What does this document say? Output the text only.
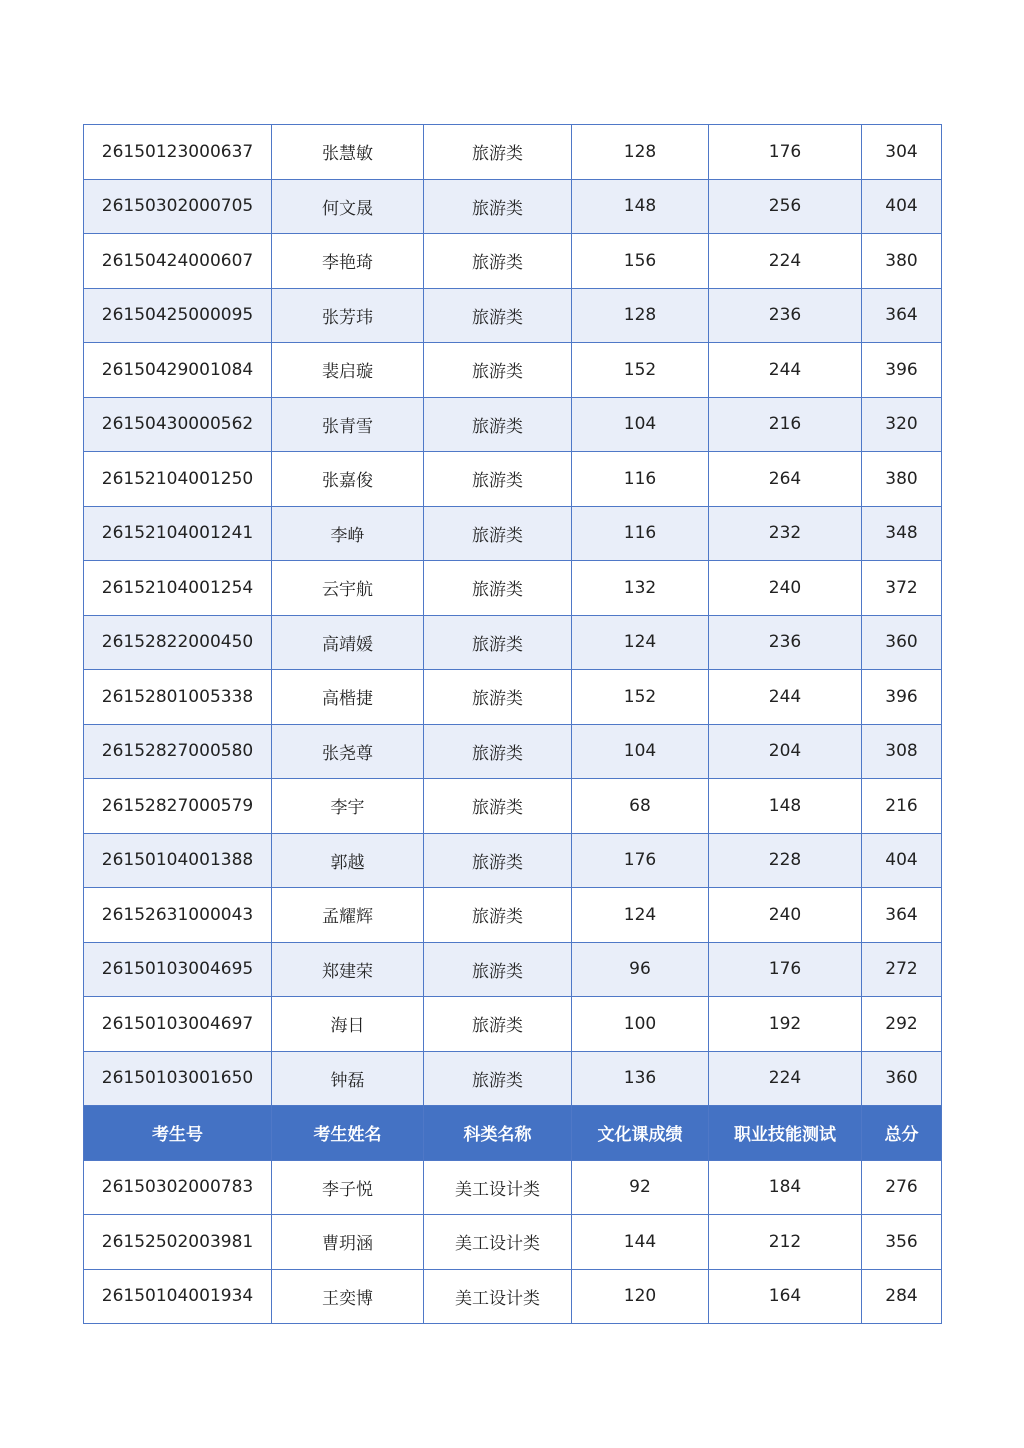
26150123000637	张慧敏	旅游类	128	176	304
26150302000705	何文晟	旅游类	148	256	404
26150424000607	李艳琦	旅游类	156	224	380
26150425000095	张芳玮	旅游类	128	236	364
26150429001084	裴启璇	旅游类	152	244	396
26150430000562	张青雪	旅游类	104	216	320
26152104001250	张嘉俊	旅游类	116	264	380
26152104001241	李峥	旅游类	116	232	348
26152104001254	云宇航	旅游类	132	240	372
26152822000450	高靖媛	旅游类	124	236	360
26152801005338	高楷捷	旅游类	152	244	396
26152827000580	张尧尊	旅游类	104	204	308
26152827000579	李宇	旅游类	68	148	216
26150104001388	郭越	旅游类	176	228	404
26152631000043	孟耀辉	旅游类	124	240	364
26150103004695	郑建荣	旅游类	96	176	272
26150103004697	海日	旅游类	100	192	292
26150103001650	钟磊	旅游类	136	224	360
考生号	考生姓名	科类名称	文化课成绩	职业技能测试	总分
26150302000783	李子悦	美工设计类	92	184	276
26152502003981	曹玥涵	美工设计类	144	212	356
26150104001934	王奕博	美工设计类	120	164	284
